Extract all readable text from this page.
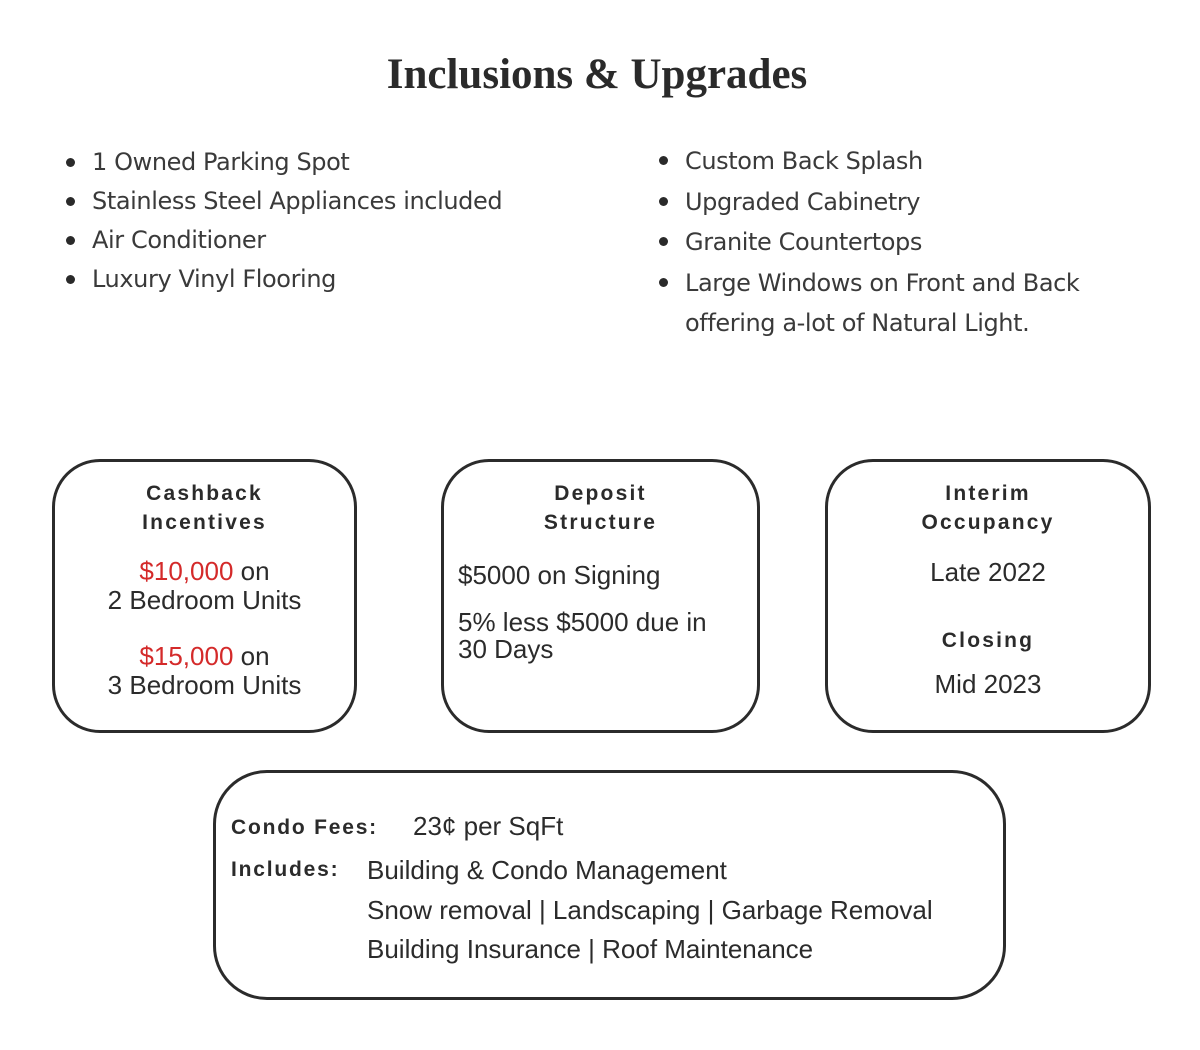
Inclusions & Upgrades
1 Owned Parking Spot
Stainless Steel Appliances included
Air Conditioner
Luxury Vinyl Flooring
Custom Back Splash
Upgraded Cabinetry
Granite Countertops
Large Windows on Front and Back offering a-lot of Natural Light.
Cashback
Incentives
$10,000 on
2 Bedroom Units
$15,000 on
3 Bedroom Units
Deposit
Structure
$5000 on Signing
5% less $5000 due in
30 Days
Interim
Occupancy
Late 2022
Closing
Mid 2023
Condo Fees: 23¢ per SqFt
Includes: Building & Condo Management
Snow removal | Landscaping | Garbage Removal
Building Insurance | Roof Maintenance
